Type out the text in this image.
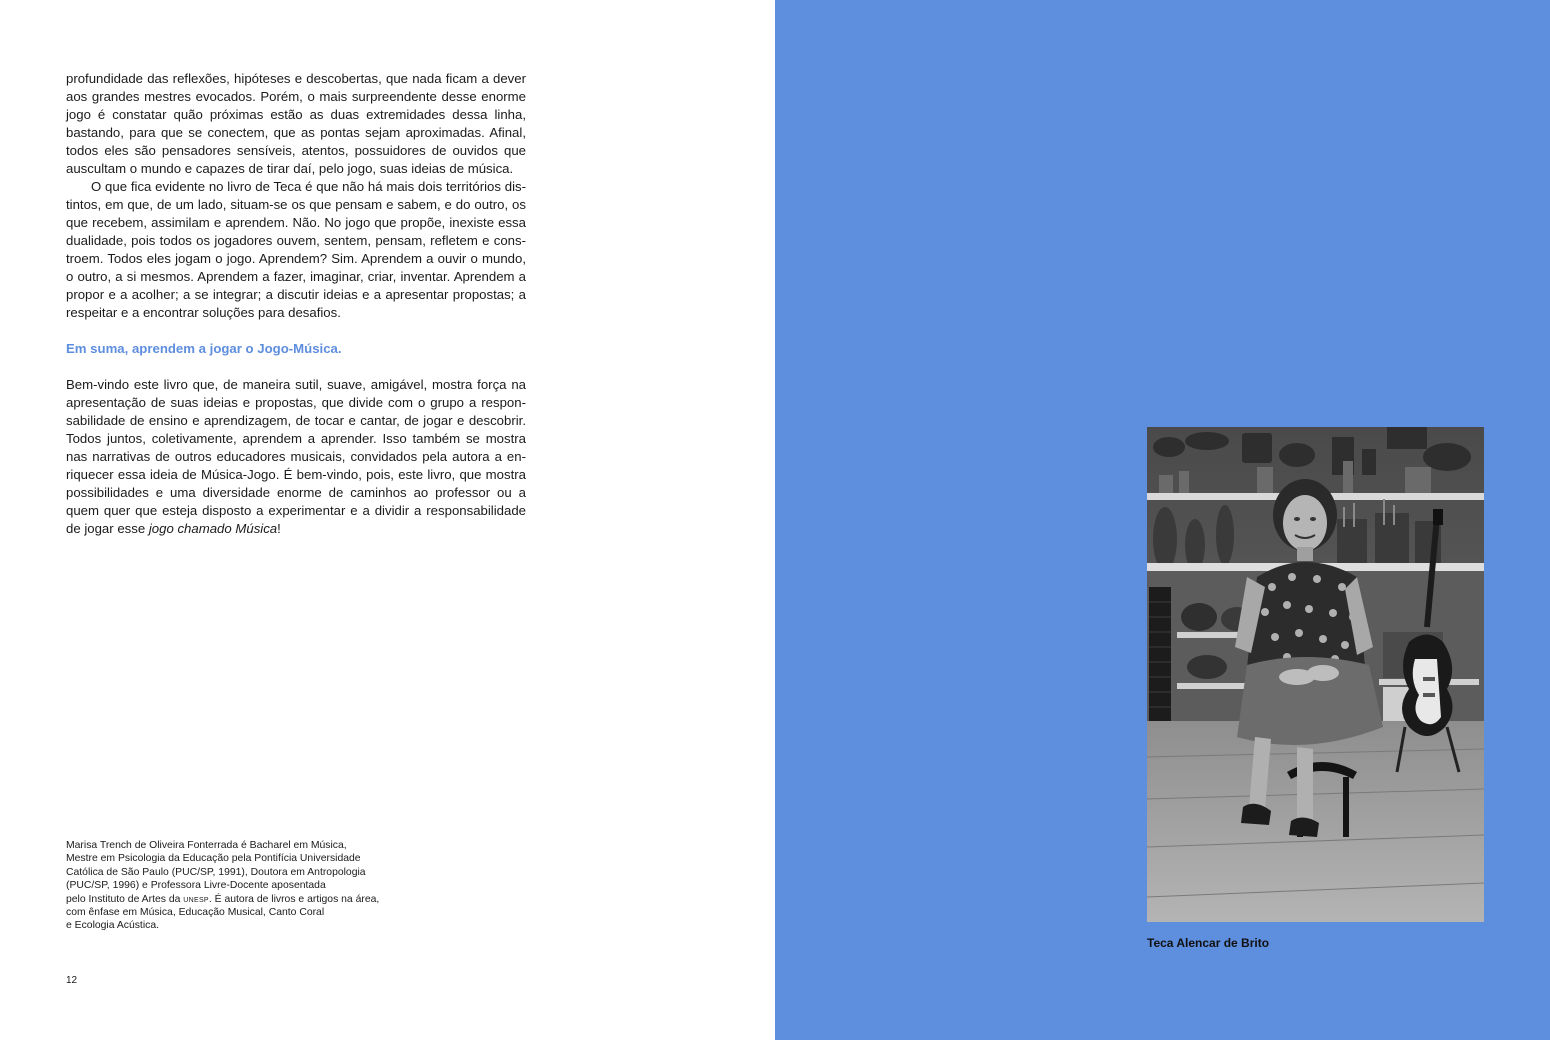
profundidade das reflexões, hipóteses e descobertas, que nada ficam a dever aos grandes mestres evocados. Porém, o mais surpreendente desse enorme jogo é constatar quão próximas estão as duas extremidades dessa linha, bastando, para que se conectem, que as pontas sejam aproximadas. Afinal, todos eles são pensadores sensíveis, atentos, possuidores de ouvidos que auscultam o mundo e capazes de tirar daí, pelo jogo, suas ideias de música.

O que fica evidente no livro de Teca é que não há mais dois territórios distintos, em que, de um lado, situam-se os que pensam e sabem, e do outro, os que recebem, assimilam e aprendem. Não. No jogo que propõe, inexiste essa dualidade, pois todos os jogadores ouvem, sentem, pensam, refletem e constroem. Todos eles jogam o jogo. Aprendem? Sim. Aprendem a ouvir o mundo, o outro, a si mesmos. Aprendem a fazer, imaginar, criar, inventar. Aprendem a propor e a acolher; a se integrar; a discutir ideias e a apresentar propostas; a respeitar e a encontrar soluções para desafios.

Em suma, aprendem a jogar o Jogo-Música.

Bem-vindo este livro que, de maneira sutil, suave, amigável, mostra força na apresentação de suas ideias e propostas, que divide com o grupo a responsabilidade de ensino e aprendizagem, de tocar e cantar, de jogar e descobrir. Todos juntos, coletivamente, aprendem a aprender. Isso também se mostra nas narrativas de outros educadores musicais, convidados pela autora a enriquecer essa ideia de Música-Jogo. É bem-vindo, pois, este livro, que mostra possibilidades e uma diversidade enorme de caminhos ao professor ou a quem quer que esteja disposto a experimentar e a dividir a responsabilidade de jogar esse jogo chamado Música!

Marisa Trench de Oliveira Fonterrada é Bacharel em Música,
Mestre em Psicologia da Educação pela Pontifícia Universidade
Católica de São Paulo (PUC/SP, 1991), Doutora em Antropologia
(PUC/SP, 1996) e Professora Livre-Docente aposentada
pelo Instituto de Artes da unesp. É autora de livros e artigos na área,
com ênfase em Música, Educação Musical, Canto Coral
e Ecologia Acústica.
12
Teca Alencar de Brito
